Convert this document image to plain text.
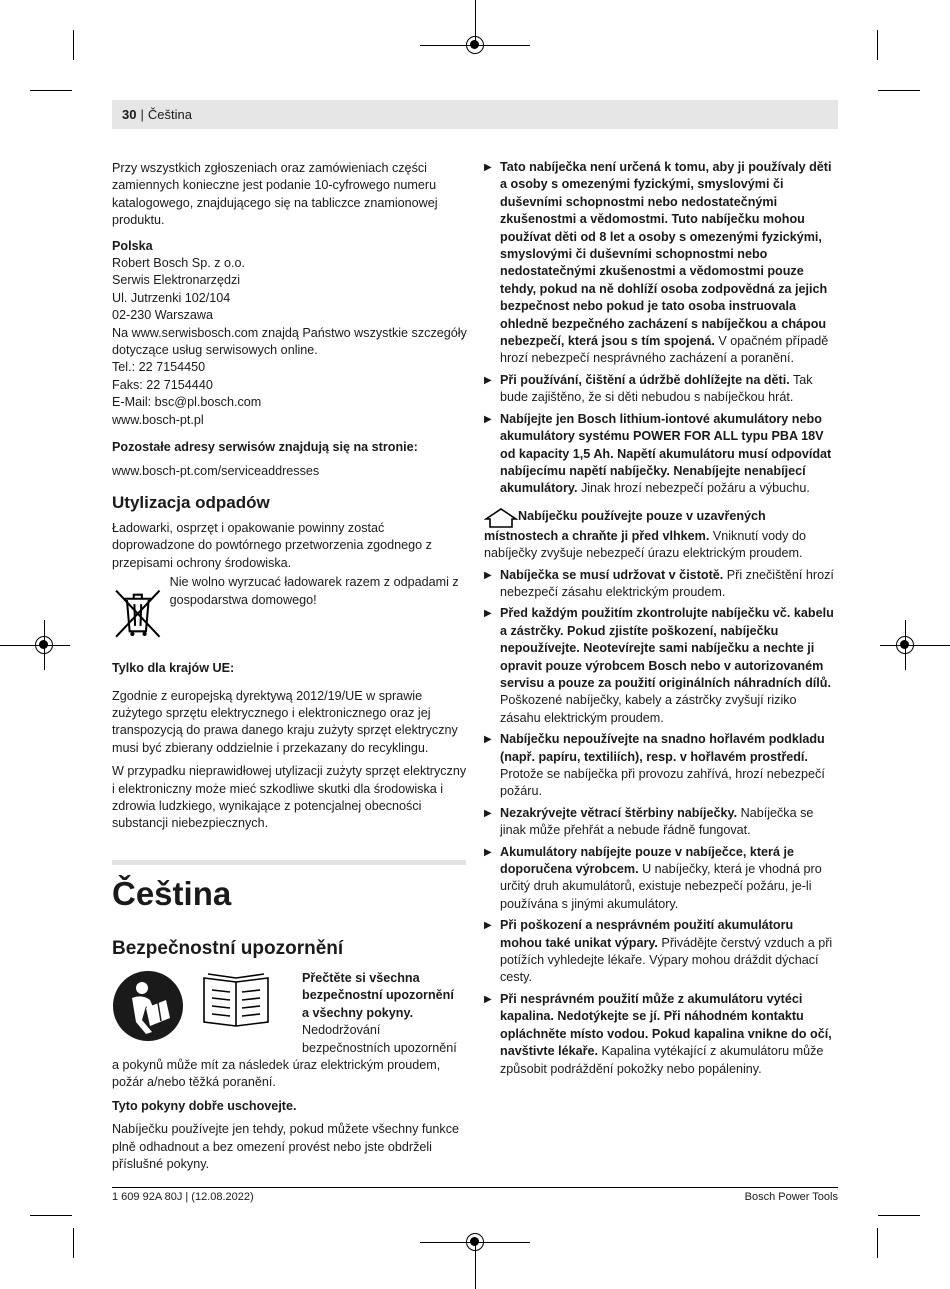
30 | Čeština

Przy wszystkich zgłoszeniach oraz zamówieniach części zamiennych konieczne jest podanie 10-cyfrowego numeru katalogowego, znajdującego się na tabliczce znamionowej produktu.

Polska

Robert Bosch Sp. z o.o.

Serwis Elektronarzędzi

Ul. Jutrzenki 102/104

02-230 Warszawa

Na www.serwisbosch.com znajdą Państwo wszystkie szczegóły dotyczące usług serwisowych online.

Tel.: 22 7154450

Faks: 22 7154440

E-Mail: bsc@pl.bosch.com

www.bosch-pt.pl

Pozostałe adresy serwisów znajdują się na stronie:

www.bosch-pt.com/serviceaddresses

Utylizacja odpadów

Ładowarki, osprzęt i opakowanie powinny zostać doprowadzone do powtórnego przetworzenia zgodnego z przepisami ochrony środowiska.

Nie wolno wyrzucać ładowarek razem z odpadami z gospodarstwa domowego!

Tylko dla krajów UE:

Zgodnie z europejską dyrektywą 2012/19/UE w sprawie zużytego sprzętu elektrycznego i elektronicznego oraz jej transpozycją do prawa danego kraju zużyty sprzęt elektryczny musi być zbierany oddzielnie i przekazany do recyklingu.

W przypadku nieprawidłowej utylizacji zużyty sprzęt elektryczny i elektroniczny może mieć szkodliwe skutki dla środowiska i zdrowia ludzkiego, wynikające z potencjalnej obecności substancji niebezpiecznych.

Čeština
Bezpečnostní upozornění

Přečtěte si všechna bezpečnostní upozornění a všechny pokyny.

Nedodržování bezpečnostních upozornění

a pokynů může mít za následek úraz elektrickým proudem, požár a/nebo těžká poranění.

Tyto pokyny dobře uschovejte.

Nabíječku používejte jen tehdy, pokud můžete všechny funkce plně odhadnout a bez omezení provést nebo jste obdrželi příslušné pokyny.

▶ Tato nabíječka není určená k tomu, aby ji používaly děti a osoby s omezenými fyzickými, smyslovými či duševními schopnostmi nebo nedostatečnými zkušenostmi a vědomostmi. Tuto nabíječku mohou používat děti od 8 let a osoby s omezenými fyzickými, smyslovými či duševními schopnostmi nebo nedostatečnými zkušenostmi a vědomostmi pouze tehdy, pokud na ně dohlíží osoba zodpovědná za jejich bezpečnost nebo pokud je tato osoba instruovala ohledně bezpečného zacházení s nabíječkou a chápou nebezpečí, která jsou s tím spojená. V opačném případě hrozí nebezpečí nesprávného zacházení a poranění.
▶ Při používání, čištění a údržbě dohlížejte na děti. Tak bude zajištěno, že si děti nebudou s nabíječkou hrát.
▶ Nabíjejte jen Bosch lithium-iontové akumulátory nebo akumulátory systému POWER FOR ALL typu PBA 18V od kapacity 1,5 Ah. Napětí akumulátoru musí odpovídat nabíjecímu napětí nabíječky. Nenabíjejte nenabíjecí akumulátory. Jinak hrozí nebezpečí požáru a výbuchu.

Nabíječku používejte pouze v uzavřených místnostech a chraňte ji před vlhkem. Vniknutí vody do nabíječky zvyšuje nebezpečí úrazu elektrickým proudem.

▶ Nabíječka se musí udržovat v čistotě. Při znečištění hrozí nebezpečí zásahu elektrickým proudem.
▶ Před každým použitím zkontrolujte nabíječku vč. kabelu a zástrčky. Pokud zjistíte poškození, nabíječku nepoužívejte. Neotevírejte sami nabíječku a nechte ji opravit pouze výrobcem Bosch nebo v autorizovaném servisu a pouze za použití originálních náhradních dílů. Poškozené nabíječky, kabely a zástrčky zvyšují riziko zásahu elektrickým proudem.
▶ Nabíječku nepoužívejte na snadno hořlavém podkladu (např. papíru, textiliích), resp. v hořlavém prostředí. Protože se nabíječka při provozu zahřívá, hrozí nebezpečí požáru.
▶ Nezakrývejte větrací štěrbiny nabíječky. Nabíječka se jinak může přehřát a nebude řádně fungovat.
▶ Akumulátory nabíjejte pouze v nabíječce, která je doporučena výrobcem. U nabíječky, která je vhodná pro určitý druh akumulátorů, existuje nebezpečí požáru, je-li používána s jinými akumulátory.
▶ Při poškození a nesprávném použití akumulátoru mohou také unikat výpary. Přivádějte čerstvý vzduch a při potížích vyhledejte lékaře. Výpary mohou dráždit dýchací cesty.
▶ Při nesprávném použití může z akumulátoru vytéci kapalina. Nedotýkejte se jí. Při náhodném kontaktu opláchněte místo vodou. Pokud kapalina vnikne do očí, navštivte lékaře. Kapalina vytékající z akumulátoru může způsobit podráždění pokožky nebo popáleniny.
1 609 92A 80J | (12.08.2022)	Bosch Power Tools
